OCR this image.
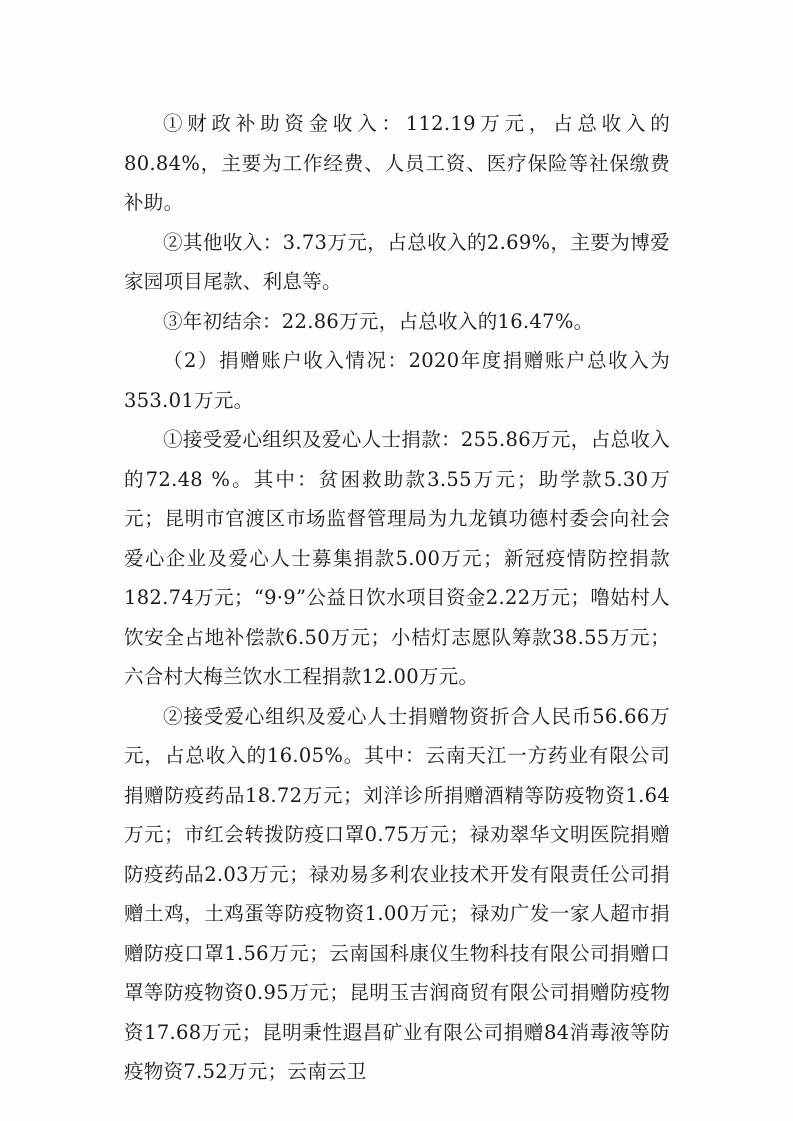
①财政补助资金收入：112.19万元，占总收入的80.84%，主要为工作经费、人员工资、医疗保险等社保缴费补助。

②其他收入：3.73万元，占总收入的2.69%，主要为博爱家园项目尾款、利息等。

③年初结余：22.86万元，占总收入的16.47%。

（2）捐赠账户收入情况：2020年度捐赠账户总收入为353.01万元。

①接受爱心组织及爱心人士捐款：255.86万元，占总收入的72.48 %。其中：贫困救助款3.55万元；助学款5.30万元；昆明市官渡区市场监督管理局为九龙镇功德村委会向社会爱心企业及爱心人士募集捐款5.00万元；新冠疫情防控捐款182.74万元；“9·9”公益日饮水项目资金2.22万元；噜姑村人饮安全占地补偿款6.50万元；小桔灯志愿队筹款38.55万元；六合村大梅兰饮水工程捐款12.00万元。

②接受爱心组织及爱心人士捐赠物资折合人民币56.66万元，占总收入的16.05%。其中：云南天江一方药业有限公司捐赠防疫药品18.72万元；刘洋诊所捐赠酒精等防疫物资1.64万元；市红会转拨防疫口罩0.75万元；禄劝翠华文明医院捐赠防疫药品2.03万元；禄劝易多利农业技术开发有限责任公司捐赠土鸡，土鸡蛋等防疫物资1.00万元；禄劝广发一家人超市捐赠防疫口罩1.56万元；云南国科康仪生物科技有限公司捐赠口罩等防疫物资0.95万元；昆明玉吉润商贸有限公司捐赠防疫物资17.68万元；昆明秉性遐昌矿业有限公司捐赠84消毒液等防疫物资7.52万元；云南云卫
